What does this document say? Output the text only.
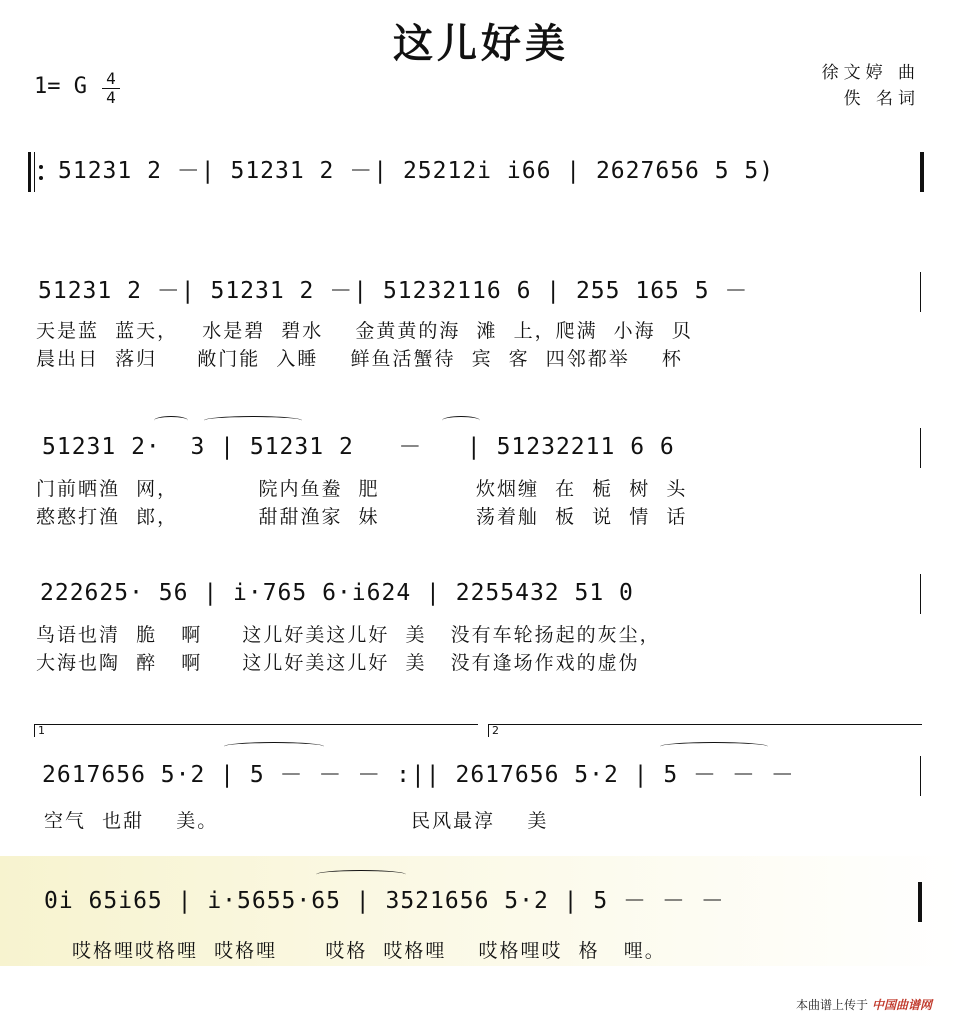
这儿好美
1= G 4
4
徐文婷 曲
佚 名词
51231 2 －| 51231 2 －| 25212i i66 | 2627656 5 5)
51231 2 －| 51231 2 －| 51232116 6 | 255 165 5 －
天是蓝  蓝天，   水是碧  碧水    金黄黄的海  滩  上，爬满  小海  贝
晨出日  落归     敞门能  入睡    鲜鱼活蟹待  宾  客  四邻都举    杯
51231 2·  3 | 51231 2   －   | 51232211 6 6
门前晒渔  网，          院内鱼鲞  肥            炊烟缠  在  栀  树  头
憨憨打渔  郎，          甜甜渔家  妹            荡着舢  板  说  情  话
222625· 56 | i·765 6·i624 | 2255432 51 0
鸟语也清  脆   啊     这儿好美这儿好  美   没有车轮扬起的灰尘，
大海也陶  醉   啊     这儿好美这儿好  美   没有逢场作戏的虚伪
1	2
2617656 5·2 | 5 － － － :|| 2617656 5·2 | 5 － － －
空气  也甜    美。                        民风最淳    美
0i 65i65 | i·5655·65 | 3521656 5·2 | 5 － － －
哎格哩哎格哩  哎格哩      哎格  哎格哩    哎格哩哎  格   哩。
本曲谱上传于 中国曲谱网
